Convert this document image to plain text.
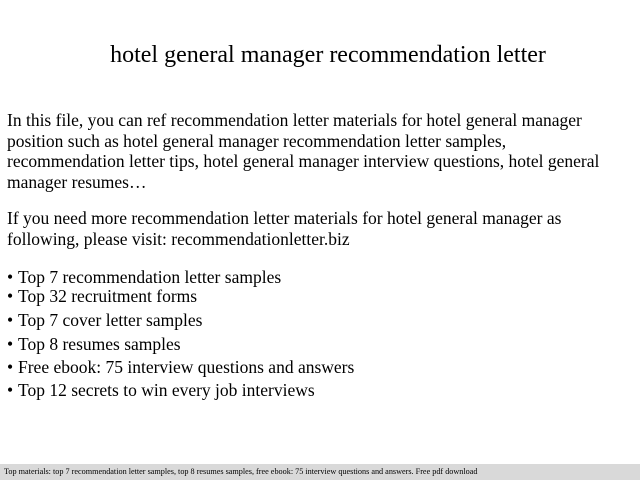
hotel general manager recommendation letter

In this file, you can ref recommendation letter materials for hotel general manager
position such as hotel general manager recommendation letter samples,
recommendation letter tips, hotel general manager interview questions, hotel general
manager resumes…

If you need more recommendation letter materials for hotel general manager as
following, please visit: recommendationletter.biz

• Top 7 recommendation letter samples
• Top 32 recruitment forms
• Top 7 cover letter samples
• Top 8 resumes samples
• Free ebook: 75 interview questions and answers
• Top 12 secrets to win every job interviews
Top materials: top 7 recommendation letter samples, top 8 resumes samples, free ebook: 75 interview questions and answers. Free pdf download
